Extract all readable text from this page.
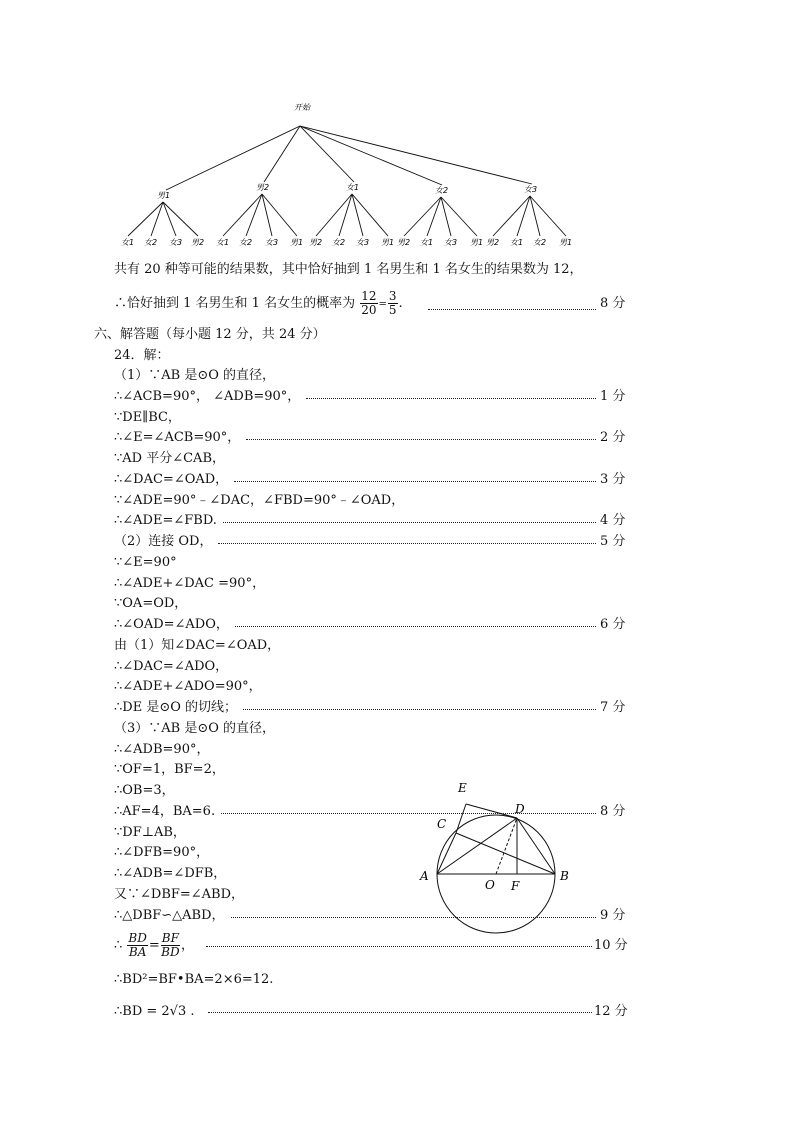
开始
男1
女1 女2 女3 男2
男2
女1 女2 女3 男1
女1
男2 女2 女3 男1
女2
男2 女1 女3 男1
女3
男2 女1 女2 男1
共有 20 种等可能的结果数，其中恰好抽到 1 名男生和 1 名女生的结果数为 12，
∴恰好抽到 1 名男生和 1 名女生的概率为 $\frac{12}{20} = \frac{3}{5}$ .	8 分
六、解答题（每小题 12 分，共 24 分）
24．解：
（1）∵AB 是⊙O 的直径，
∴∠ACB=90°， ∠ADB=90°，	1 分
∵DE∥BC，
∴∠E=∠ACB=90°，	2 分
∵AD 平分∠CAB，
∴∠DAC=∠OAD，	3 分
∵∠ADE=90°﹣∠DAC，∠FBD=90°﹣∠OAD，
∴∠ADE=∠FBD.	4 分
（2）连接 OD，	5 分
∵∠E=90°
∴∠ADE+∠DAC =90°，
∵OA=OD，
∴∠OAD=∠ADO，	6 分
由（1）知∠DAC=∠OAD，
∴∠DAC=∠ADO，
∴∠ADE+∠ADO=90°，
∴DE 是⊙O 的切线；	7 分
（3）∵AB 是⊙O 的直径，
∴∠ADB=90°，
∵OF=1，BF=2，
∴OB=3，
∴AF=4，BA=6.	8 分
∵DF⊥AB，
∴∠DFB=90°，
∴∠ADB=∠DFB，
又∵∠DBF=∠ABD，
∴△DBF∽△ABD，	9 分
∴ $\frac{BD}{BA} = \frac{BF}{BD}$ ，	10 分
∴BD²=BF•BA=2×6=12.
∴BD = 2√3 .	12 分
E
D
C
A
O F
B
